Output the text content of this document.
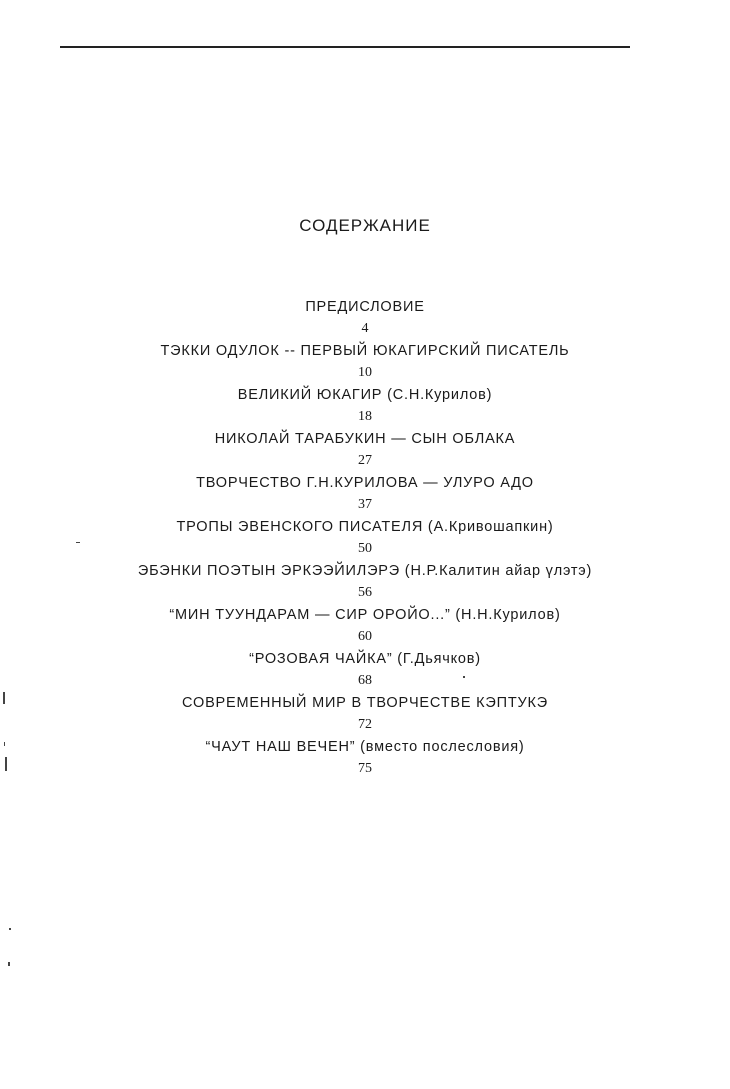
СОДЕРЖАНИЕ
ПРЕДИСЛОВИЕ
4
ТЭККИ ОДУЛОК -- ПЕРВЫЙ ЮКАГИРСКИЙ ПИСАТЕЛЬ
10
ВЕЛИКИЙ ЮКАГИР (С.Н.Курилов)
18
НИКОЛАЙ ТАРАБУКИН — СЫН ОБЛАКА
27
ТВОРЧЕСТВО Г.Н.КУРИЛОВА — УЛУРО АДО
37
ТРОПЫ ЭВЕНСКОГО ПИСАТЕЛЯ (А.Кривошапкин)
50
ЭБЭНКИ ПОЭТЫН ЭРКЭЭЙИЛЭРЭ (Н.Р.Калитин айар үлэтэ)
56
“МИН ТУУНДАРАМ — СИР ОРОЙО...” (Н.Н.Курилов)
60
“РОЗОВАЯ ЧАЙКА” (Г.Дьячков)
68
СОВРЕМЕННЫЙ МИР В ТВОРЧЕСТВЕ КЭПТУКЭ
72
“ЧАУТ НАШ ВЕЧЕН” (вместо послесловия)
75
